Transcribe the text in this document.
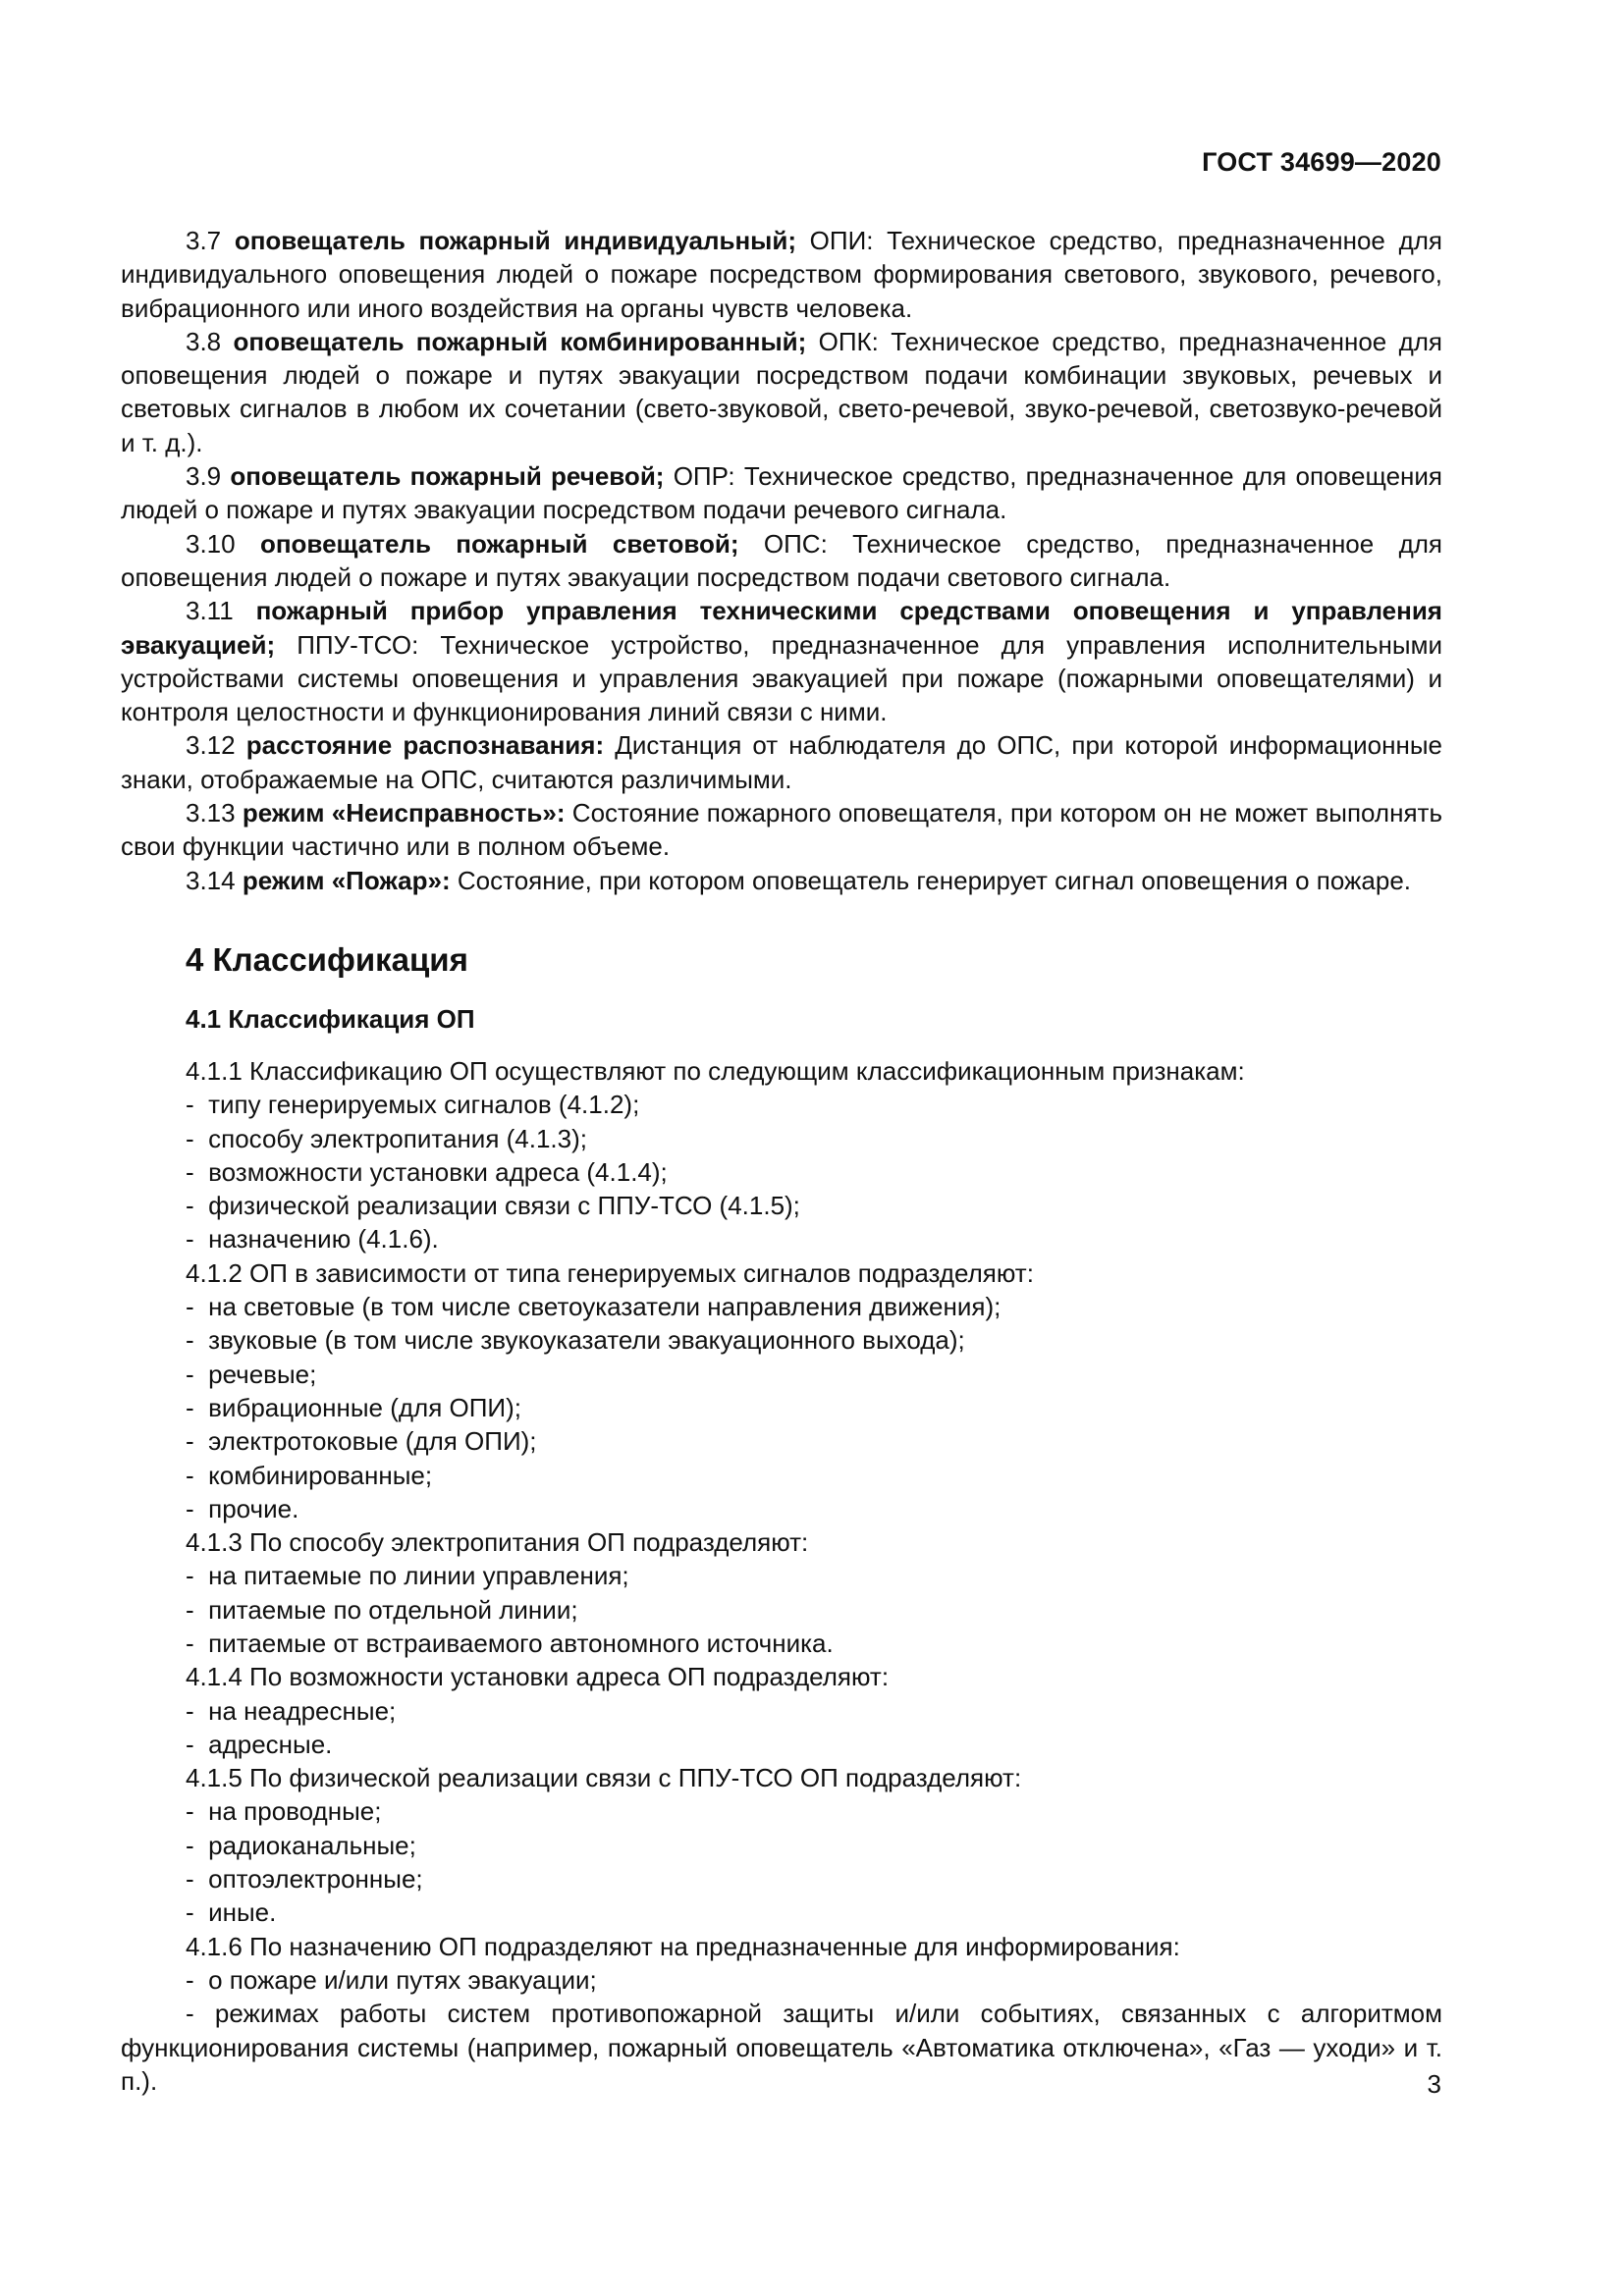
ГОСТ 34699—2020

3.7 оповещатель пожарный индивидуальный; ОПИ: Техническое средство, предназначенное для индивидуального оповещения людей о пожаре посредством формирования светового, звукового, речевого, вибрационного или иного воздействия на органы чувств человека.

3.8 оповещатель пожарный комбинированный; ОПК: Техническое средство, предназначенное для оповещения людей о пожаре и путях эвакуации посредством подачи комбинации звуковых, речевых и световых сигналов в любом их сочетании (свето-звуковой, свето-речевой, звуко-речевой, светозвуко-речевой и т. д.).

3.9 оповещатель пожарный речевой; ОПР: Техническое средство, предназначенное для оповещения людей о пожаре и путях эвакуации посредством подачи речевого сигнала.

3.10 оповещатель пожарный световой; ОПС: Техническое средство, предназначенное для оповещения людей о пожаре и путях эвакуации посредством подачи светового сигнала.

3.11 пожарный прибор управления техническими средствами оповещения и управления эвакуацией; ППУ-ТСО: Техническое устройство, предназначенное для управления исполнительными устройствами системы оповещения и управления эвакуацией при пожаре (пожарными оповещателями) и контроля целостности и функционирования линий связи с ними.

3.12 расстояние распознавания: Дистанция от наблюдателя до ОПС, при которой информационные знаки, отображаемые на ОПС, считаются различимыми.

3.13 режим «Неисправность»: Состояние пожарного оповещателя, при котором он не может выполнять свои функции частично или в полном объеме.

3.14 режим «Пожар»: Состояние, при котором оповещатель генерирует сигнал оповещения о пожаре.

4 Классификация
4.1 Классификация ОП

4.1.1 Классификацию ОП осуществляют по следующим классификационным признакам:

-  типу генерируемых сигналов (4.1.2);

-  способу электропитания (4.1.3);

-  возможности установки адреса (4.1.4);

-  физической реализации связи с ППУ-ТСО (4.1.5);

-  назначению (4.1.6).

4.1.2 ОП в зависимости от типа генерируемых сигналов подразделяют:

-  на световые (в том числе светоуказатели направления движения);

-  звуковые (в том числе звукоуказатели эвакуационного выхода);

-  речевые;

-  вибрационные (для ОПИ);

-  электротоковые (для ОПИ);

-  комбинированные;

-  прочие.

4.1.3 По способу электропитания ОП подразделяют:

-  на питаемые по линии управления;

-  питаемые по отдельной линии;

-  питаемые от встраиваемого автономного источника.

4.1.4 По возможности установки адреса ОП подразделяют:

-  на неадресные;

-  адресные.

4.1.5 По физической реализации связи с ППУ-ТСО ОП подразделяют:

-  на проводные;

-  радиоканальные;

-  оптоэлектронные;

-  иные.

4.1.6 По назначению ОП подразделяют на предназначенные для информирования:

-  о пожаре и/или путях эвакуации;

- режимах работы систем противопожарной защиты и/или событиях, связанных с алгоритмом функционирования системы (например, пожарный оповещатель «Автоматика отключена», «Газ — уходи» и т. п.).	3
